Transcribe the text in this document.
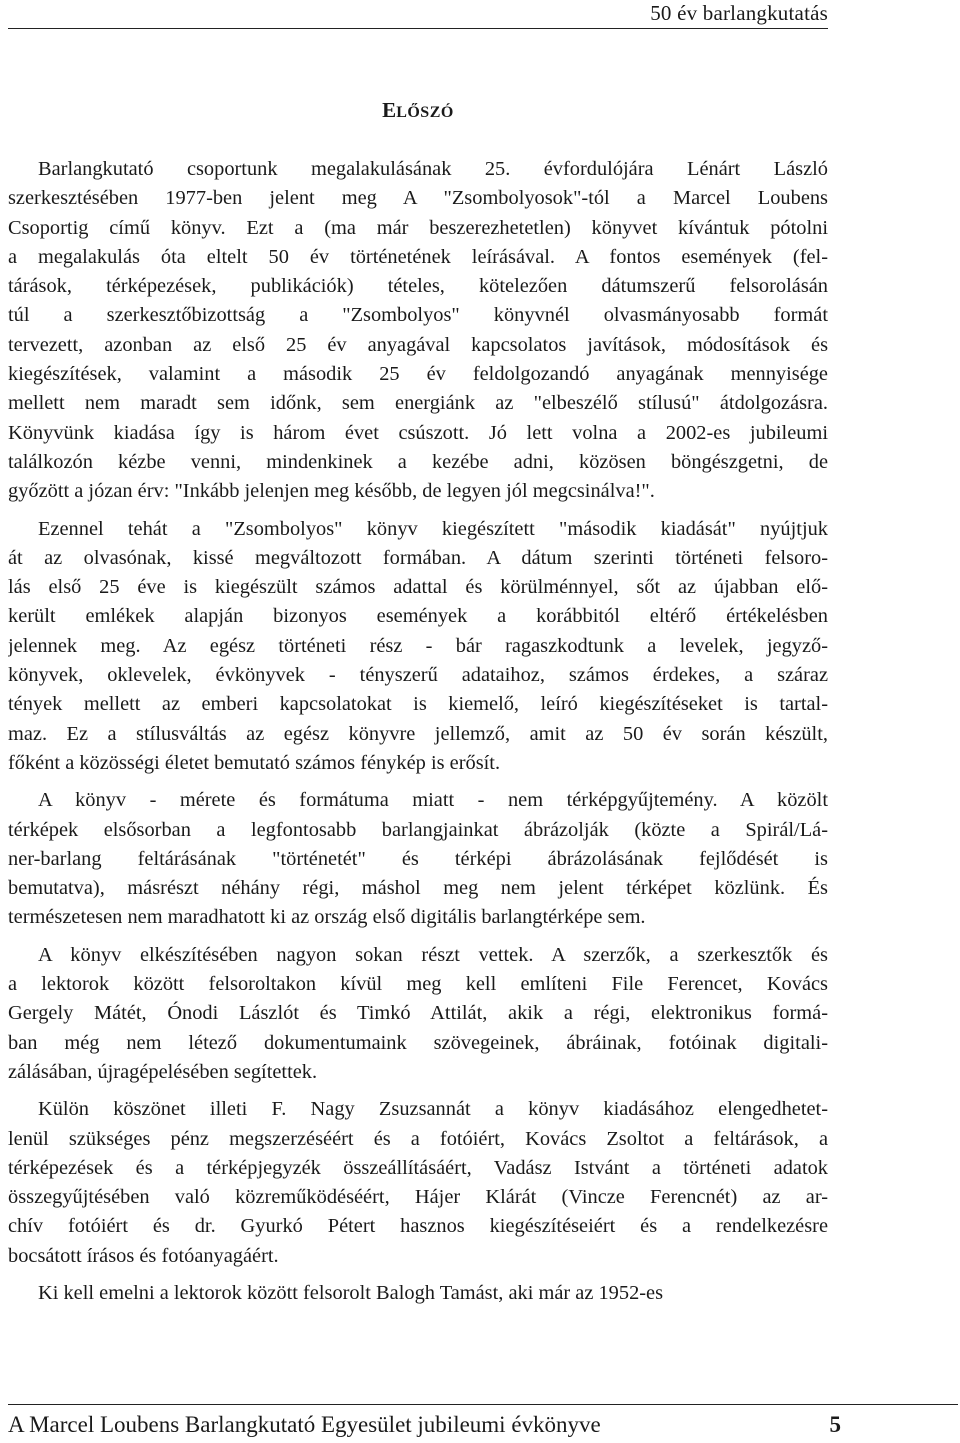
50 év barlangkutatás
ELŐSZÓ
Barlangkutató csoportunk megalakulásának 25. évfordulójára Lénárt László
szerkesztésében 1977-ben jelent meg A "Zsombolyosok"-tól a Marcel Loubens
Csoportig című könyv. Ezt a (ma már beszerezhetetlen) könyvet kívántuk pótolni
a megalakulás óta eltelt 50 év történetének leírásával. A fontos események (fel-
tárások, térképezések, publikációk) tételes, kötelezően dátumszerű felsorolásán
túl a szerkesztőbizottság a "Zsombolyos" könyvnél olvasmányosabb formát
tervezett, azonban az első 25 év anyagával kapcsolatos javítások, módosítások és
kiegészítések, valamint a második 25 év feldolgozandó anyagának mennyisége
mellett nem maradt sem időnk, sem energiánk az "elbeszélő stílusú" átdolgozásra.
Könyvünk kiadása így is három évet csúszott. Jó lett volna a 2002-es jubileumi
találkozón kézbe venni, mindenkinek a kezébe adni, közösen böngészgetni, de
győzött a józan érv: "Inkább jelenjen meg később, de legyen jól megcsinálva!".
Ezennel tehát a "Zsombolyos" könyv kiegészített "második kiadását" nyújtjuk
át az olvasónak, kissé megváltozott formában. A dátum szerinti történeti felsoro-
lás első 25 éve is kiegészült számos adattal és körülménnyel, sőt az újabban elő-
került emlékek alapján bizonyos események a korábbitól eltérő értékelésben
jelennek meg. Az egész történeti rész - bár ragaszkodtunk a levelek, jegyző-
könyvek, oklevelek, évkönyvek - tényszerű adataihoz, számos érdekes, a száraz
tények mellett az emberi kapcsolatokat is kiemelő, leíró kiegészítéseket is tartal-
maz. Ez a stílusváltás az egész könyvre jellemző, amit az 50 év során készült,
főként a közösségi életet bemutató számos fénykép is erősít.
A könyv - mérete és formátuma miatt - nem térképgyűjtemény. A közölt
térképek elsősorban a legfontosabb barlangjainkat ábrázolják (közte a Spirál/Lá-
ner-barlang feltárásának "történetét" és térképi ábrázolásának fejlődését is
bemutatva), másrészt néhány régi, máshol meg nem jelent térképet közlünk. És
természetesen nem maradhatott ki az ország első digitális barlangtérképe sem.
A könyv elkészítésében nagyon sokan részt vettek. A szerzők, a szerkesztők és
a lektorok között felsoroltakon kívül meg kell említeni File Ferencet, Kovács
Gergely Mátét, Ónodi Lászlót és Timkó Attilát, akik a régi, elektronikus formá-
ban még nem létező dokumentumaink szövegeinek, ábráinak, fotóinak digitali-
zálásában, újragépelésében segítettek.
Külön köszönet illeti F. Nagy Zsuzsannát a könyv kiadásához elengedhetet-
lenül szükséges pénz megszerzéséért és a fotóiért, Kovács Zsoltot a feltárások, a
térképezések és a térképjegyzék összeállításáért, Vadász Istvánt a történeti adatok
összegyűjtésében való közreműködéséért, Hájer Klárát (Vincze Ferencnét) az ar-
chív fotóiért és dr. Gyurkó Pétert hasznos kiegészítéseiért és a rendelkezésre
bocsátott írásos és fotóanyagáért.
Ki kell emelni a lektorok között felsorolt Balogh Tamást, aki már az 1952-es
A Marcel Loubens Barlangkutató Egyesület jubileumi évkönyve	5
